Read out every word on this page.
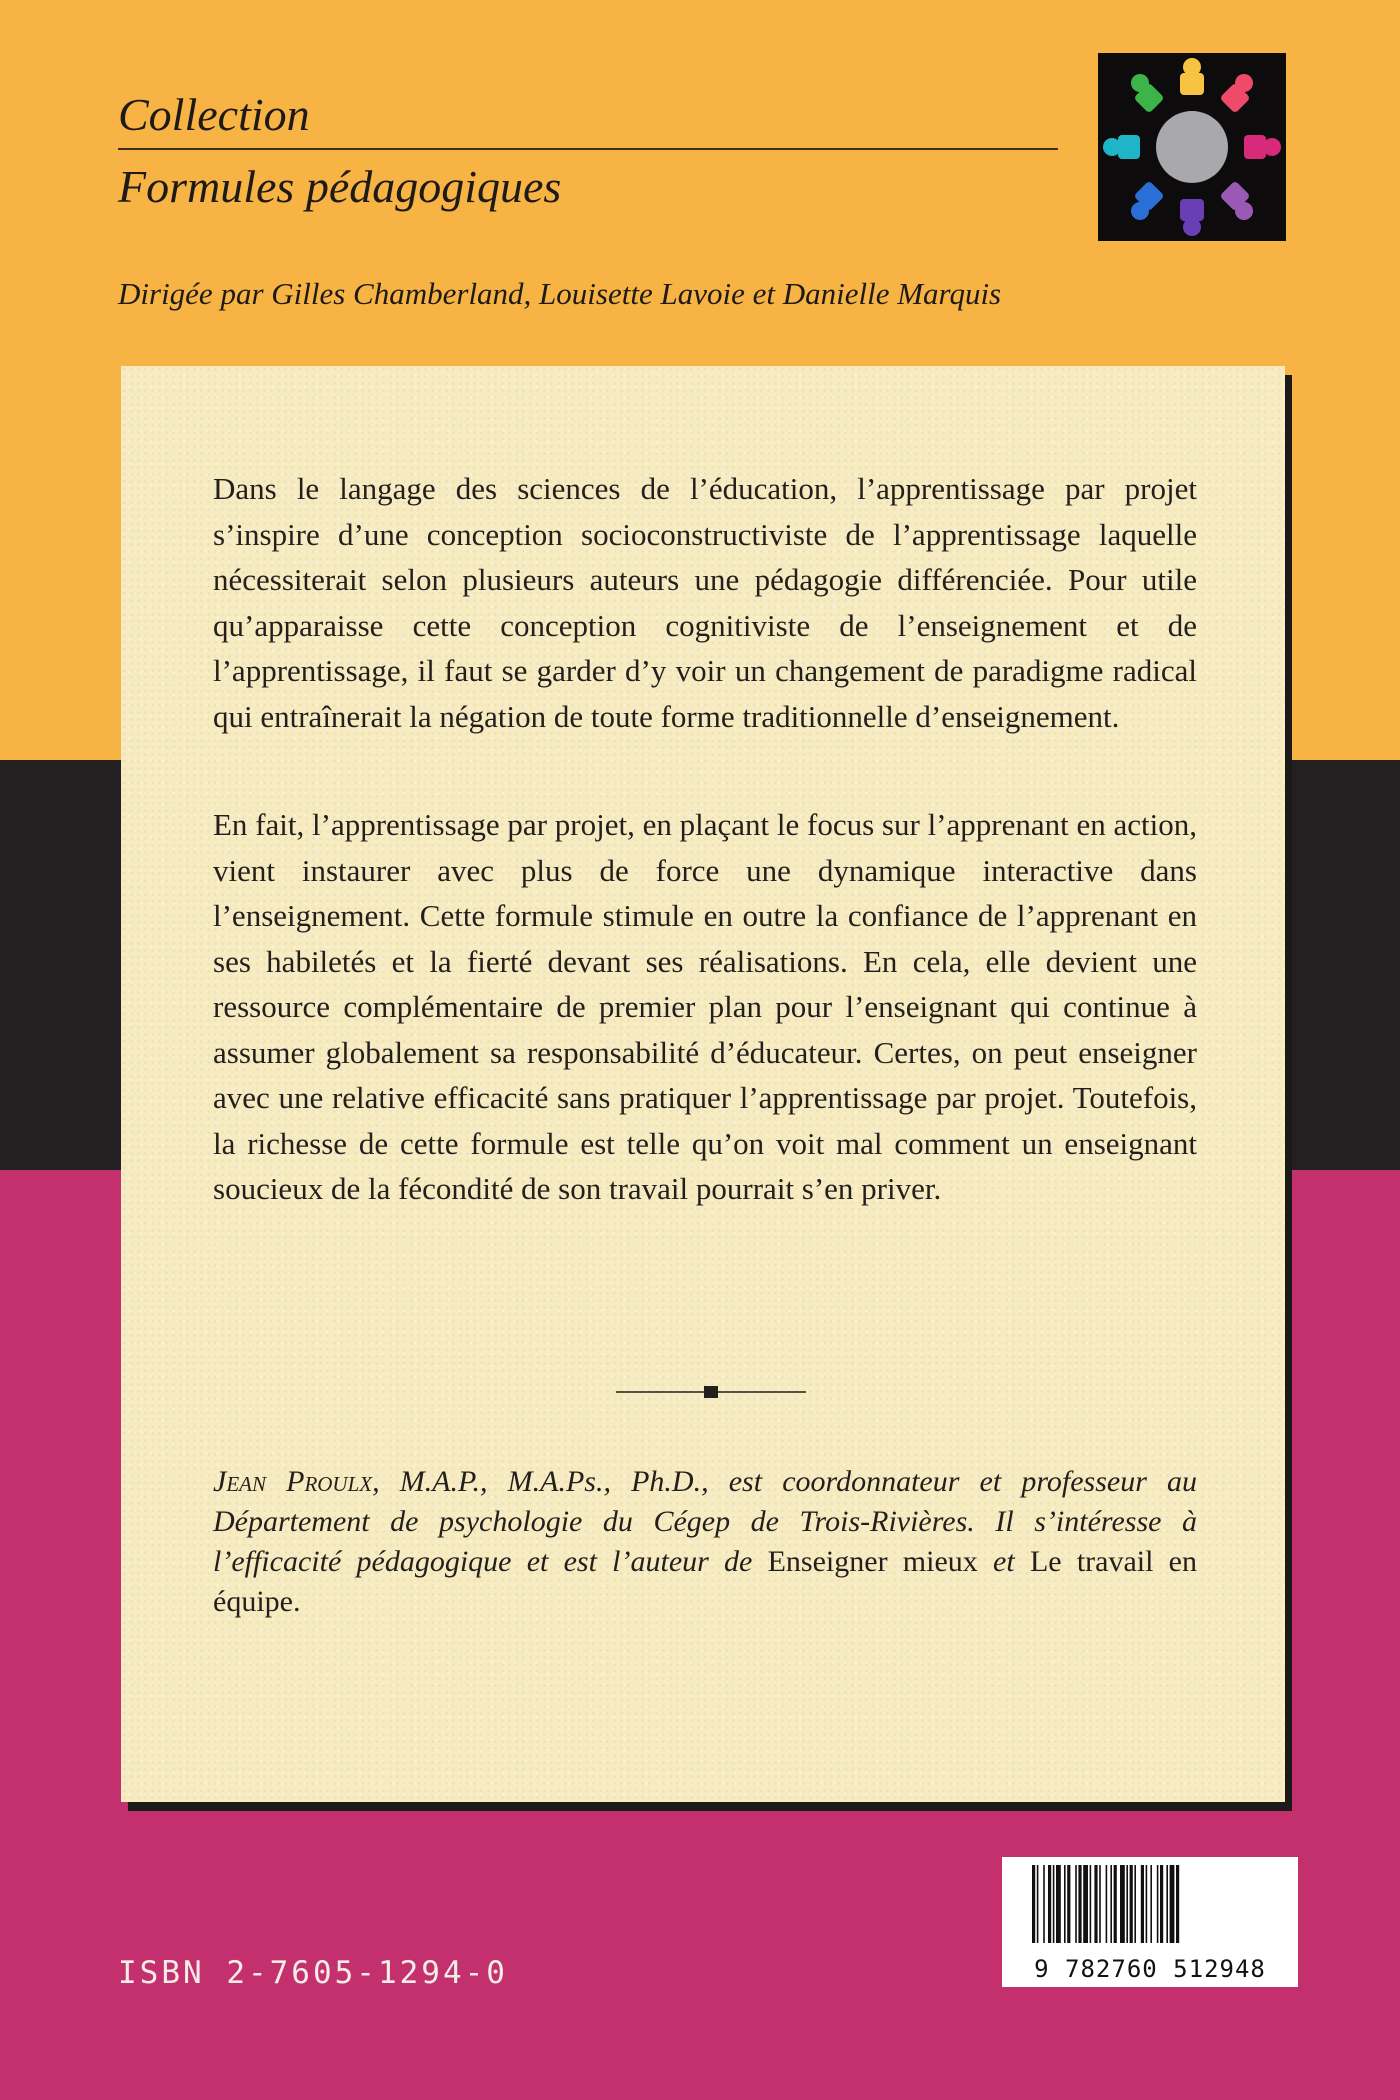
Collection
Formules pédagogiques
Dirigée par Gilles Chamberland, Louisette Lavoie et Danielle Marquis
Dans le langage des sciences de l’éducation, l’apprentissage par projet s’inspire d’une conception socioconstructiviste de l’apprentissage laquelle nécessiterait selon plusieurs auteurs une pédagogie différenciée. Pour utile qu’apparaisse cette conception cognitiviste de l’enseignement et de l’apprentissage, il faut se garder d’y voir un changement de paradigme radical qui entraînerait la négation de toute forme traditionnelle d’enseignement.
En fait, l’apprentissage par projet, en plaçant le focus sur l’apprenant en action, vient instaurer avec plus de force une dynamique interactive dans l’enseignement. Cette formule stimule en outre la confiance de l’apprenant en ses habiletés et la fierté devant ses réalisations. En cela, elle devient une ressource complémentaire de premier plan pour l’enseignant qui continue à assumer globalement sa responsabilité d’éducateur. Certes, on peut enseigner avec une relative efficacité sans pratiquer l’apprentissage par projet. Toutefois, la richesse de cette formule est telle qu’on voit mal comment un enseignant soucieux de la fécondité de son travail pourrait s’en priver.
Jean Proulx, M.A.P., M.A.Ps., Ph.D., est coordonnateur et professeur au Département de psychologie du Cégep de Trois-Rivières. Il s’intéresse à l’efficacité pédagogique et est l’auteur de Enseigner mieux et Le travail en équipe.
ISBN 2-7605-1294-0	9 782760 512948
